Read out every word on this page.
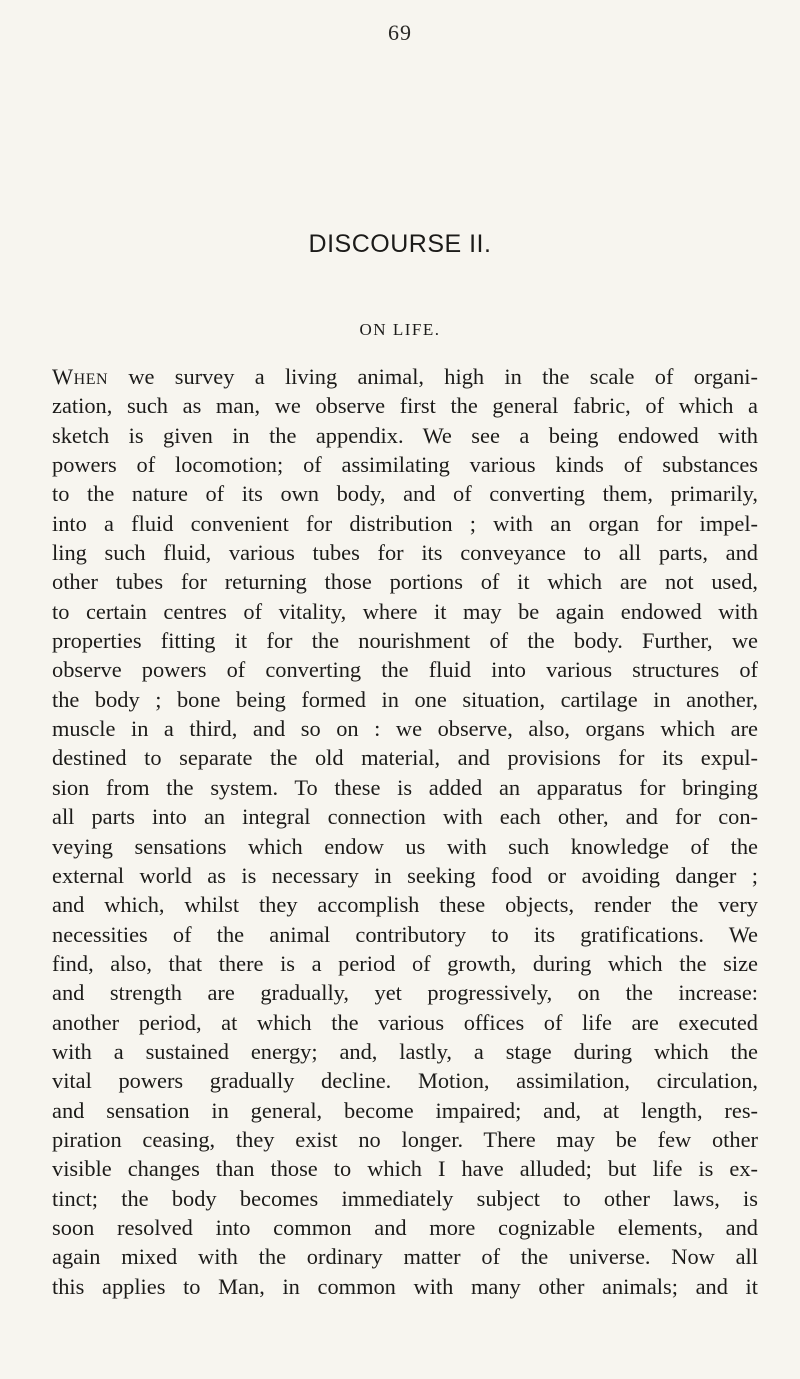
69
DISCOURSE II.
ON LIFE.
When we survey a living animal, high in the scale of organi-
zation, such as man, we observe first the general fabric, of which a
sketch is given in the appendix. We see a being endowed with
powers of locomotion; of assimilating various kinds of substances
to the nature of its own body, and of converting them, primarily,
into a fluid convenient for distribution ; with an organ for impel-
ling such fluid, various tubes for its conveyance to all parts, and
other tubes for returning those portions of it which are not used,
to certain centres of vitality, where it may be again endowed with
properties fitting it for the nourishment of the body. Further, we
observe powers of converting the fluid into various structures of
the body ; bone being formed in one situation, cartilage in another,
muscle in a third, and so on : we observe, also, organs which are
destined to separate the old material, and provisions for its expul-
sion from the system. To these is added an apparatus for bringing
all parts into an integral connection with each other, and for con-
veying sensations which endow us with such knowledge of the
external world as is necessary in seeking food or avoiding danger ;
and which, whilst they accomplish these objects, render the very
necessities of the animal contributory to its gratifications. We
find, also, that there is a period of growth, during which the size
and strength are gradually, yet progressively, on the increase:
another period, at which the various offices of life are executed
with a sustained energy; and, lastly, a stage during which the
vital powers gradually decline. Motion, assimilation, circulation,
and sensation in general, become impaired; and, at length, res-
piration ceasing, they exist no longer. There may be few other
visible changes than those to which I have alluded; but life is ex-
tinct; the body becomes immediately subject to other laws, is
soon resolved into common and more cognizable elements, and
again mixed with the ordinary matter of the universe. Now all
this applies to Man, in common with many other animals; and it
